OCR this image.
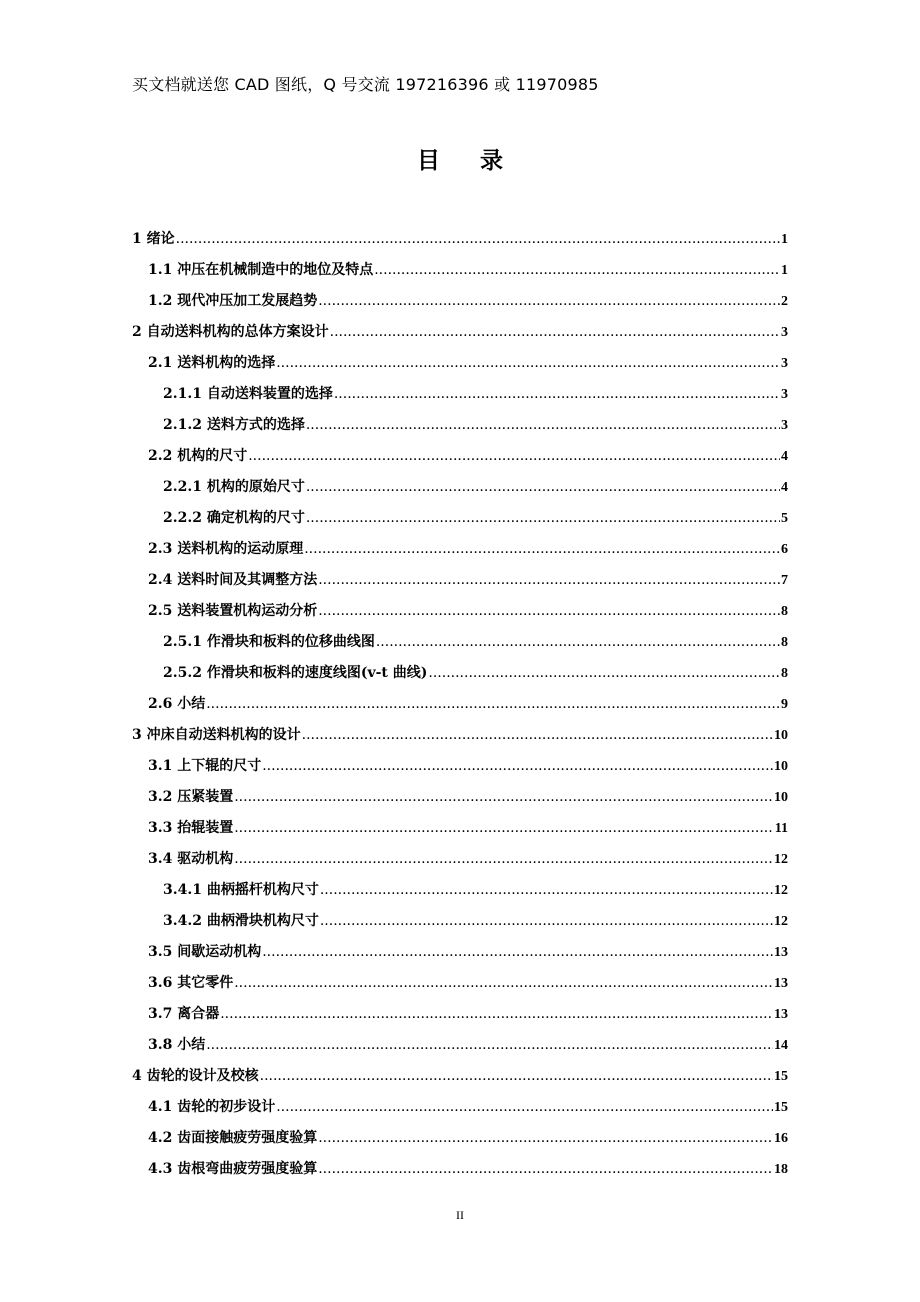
买文档就送您 CAD 图纸，Q 号交流 197216396 或 11970985
目 录
1 绪论 .....	1
1.1 冲压在机械制造中的地位及特点 .....	1
1.2 现代冲压加工发展趋势 .....	2
2 自动送料机构的总体方案设计 .....	3
2.1 送料机构的选择 .....	3
2.1.1 自动送料装置的选择 .....	3
2.1.2 送料方式的选择 .....	3
2.2 机构的尺寸 .....	4
2.2.1 机构的原始尺寸 .....	4
2.2.2 确定机构的尺寸 .....	5
2.3 送料机构的运动原理 .....	6
2.4 送料时间及其调整方法 .....	7
2.5 送料装置机构运动分析 .....	8
2.5.1 作滑块和板料的位移曲线图 .....	8
2.5.2 作滑块和板料的速度线图(v-t 曲线) .....	8
2.6 小结 .....	9
3 冲床自动送料机构的设计 .....	10
3.1 上下辊的尺寸 .....	10
3.2 压紧装置 .....	10
3.3 抬辊装置 .....	11
3.4 驱动机构 .....	12
3.4.1 曲柄摇杆机构尺寸 .....	12
3.4.2 曲柄滑块机构尺寸 .....	12
3.5 间歇运动机构 .....	13
3.6 其它零件 .....	13
3.7 离合器 .....	13
3.8 小结 .....	14
4 齿轮的设计及校核 .....	15
4.1 齿轮的初步设计 .....	15
4.2 齿面接触疲劳强度验算 .....	16
4.3 齿根弯曲疲劳强度验算 .....	18
II
